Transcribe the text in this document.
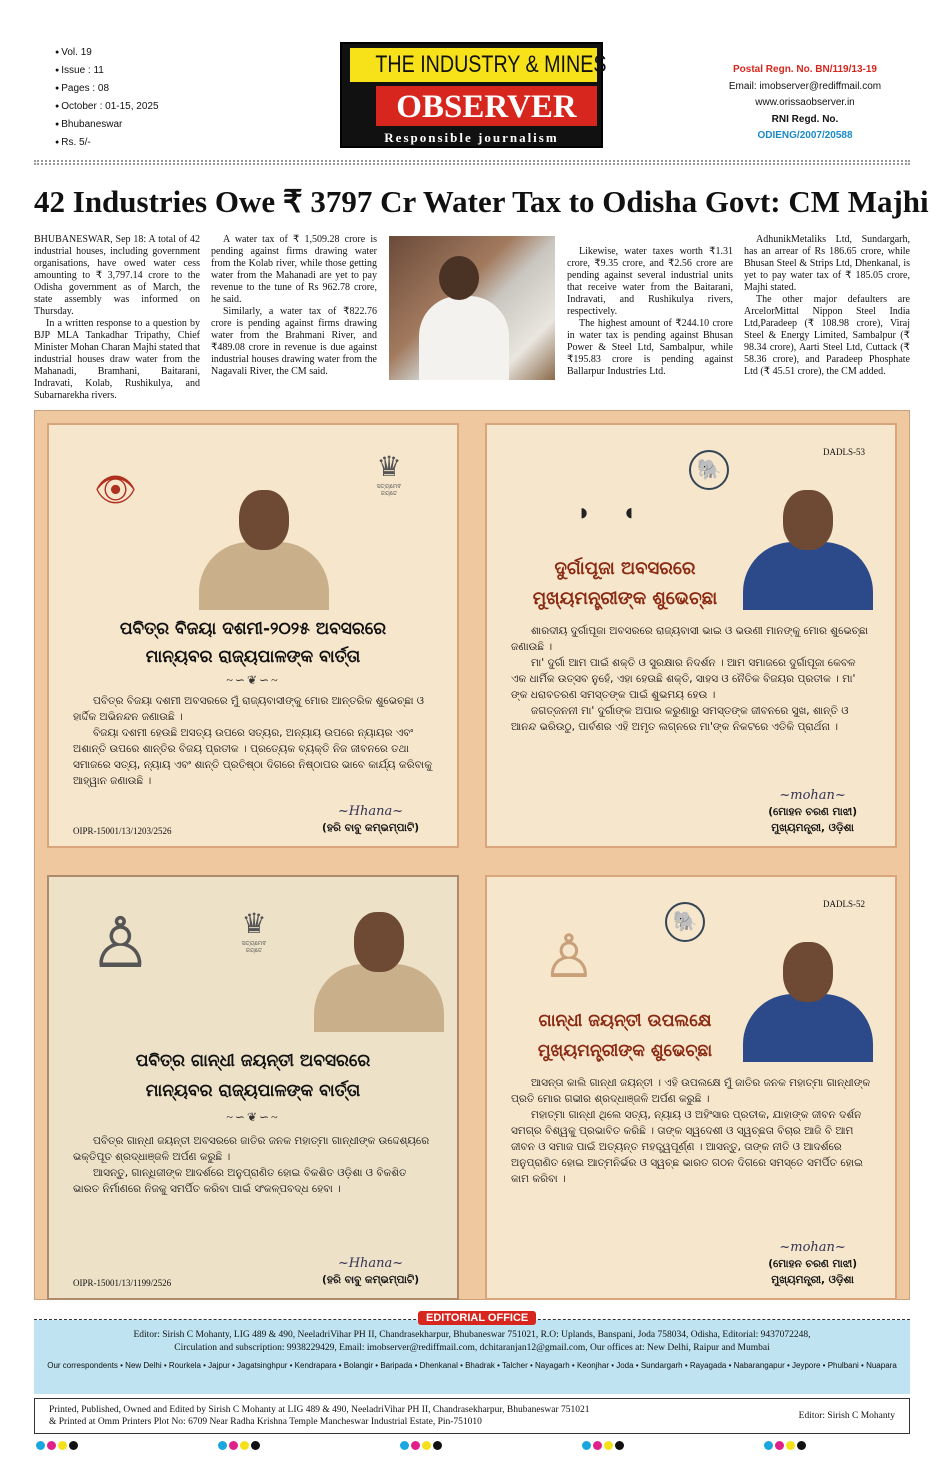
● Vol. 19
● Issue : 11
● Pages : 08
● October : 01-15, 2025
● Bhubaneswar
● Rs. 5/-
THE INDUSTRY & MINES
OBSERVER
Responsible journalism
Postal Regn. No. BN/119/13-19
Email: imobserver@rediffmail.com
www.orissaobserver.in
RNI Regd. No.
ODIENG/2007/20588
42 Industries Owe ₹ 3797 Cr Water Tax to Odisha Govt: CM Majhi

BHUBANESWAR, Sep 18: A total of 42 industrial houses, including government organisations, have owed water cess amounting to ₹ 3,797.14 crore to the Odisha government as of March, the state assembly was informed on Thursday.

In a written response to a question by BJP MLA Tankadhar Tripathy, Chief Minister Mohan Charan Majhi stated that industrial houses draw water from the Mahanadi, Bramhani, Baitarani, Indravati, Kolab, Rushikulya, and Subarnarekha rivers.

A water tax of ₹ 1,509.28 crore is pending against firms drawing water from the Kolab river, while those getting water from the Mahanadi are yet to pay revenue to the tune of Rs 962.78 crore, he said.

Similarly, a water tax of ₹822.76 crore is pending against firms drawing water from the Brahmani River, and ₹489.08 crore in revenue is due against industrial houses drawing water from the Nagavali River, the CM said.

Likewise, water taxes worth ₹1.31 crore, ₹9.35 crore, and ₹2.56 crore are pending against several industrial units that receive water from the Baitarani, Indravati, and Rushikulya rivers, respectively.

The highest amount of ₹244.10 crore in water tax is pending against Bhusan Power & Steel Ltd, Sambalpur, while ₹195.83 crore is pending against Ballarpur Industries Ltd.

AdhunikMetaliks Ltd, Sundargarh, has an arrear of Rs 186.65 crore, while Bhusan Steel & Strips Ltd, Dhenkanal, is yet to pay water tax of ₹ 185.05 crore, Majhi stated.

The other major defaulters are ArcelorMittal Nippon Steel India Ltd,Paradeep (₹ 108.98 crore), Viraj Steel & Energy Limited, Sambalpur (₹ 98.34 crore), Aarti Steel Ltd, Cuttack (₹ 58.36 crore), and Paradeep Phosphate Ltd (₹ 45.51 crore), the CM added.

👁
♛
ସତ୍ୟମେବ ଜୟତେ
ପବିତ୍ର ବିଜୟା ଦଶମୀ-୨୦୨୫ ଅବସରରେ
ମାନ୍ୟବର ରାଜ୍ୟପାଳଙ୍କ ବାର୍ତ୍ତା
~∽❦∽~

ପବିତ୍ର ବିଜୟା ଦଶମୀ ଅବସରରେ ମୁଁ ରାଜ୍ୟବାସୀଙ୍କୁ ମୋର ଆନ୍ତରିକ ଶୁଭେଚ୍ଛା ଓ ହାର୍ଦ୍ଦିକ ଅଭିନନ୍ଦନ ଜଣାଉଛି ।

ବିଜୟା ଦଶମୀ ହେଉଛି ଅସତ୍ୟ ଉପରେ ସତ୍ୟର, ଅନ୍ୟାୟ ଉପରେ ନ୍ୟାୟର ଏବଂ ଅଶାନ୍ତି ଉପରେ ଶାନ୍ତିର ବିଜୟ ପ୍ରତୀକ । ପ୍ରତ୍ୟେକ ବ୍ୟକ୍ତି ନିଜ ଜୀବନରେ ତଥା ସମାଜରେ ସତ୍ୟ, ନ୍ୟାୟ ଏବଂ ଶାନ୍ତି ପ୍ରତିଷ୍ଠା ଦିଗରେ ନିଷ୍ଠାପର ଭାବେ କାର୍ଯ୍ୟ କରିବାକୁ ଆହ୍ୱାନ ଜଣାଉଛି ।

OIPR-15001/13/1203/2526
~Hhana~
(ହରି ବାବୁ କମ୍ଭମ୍ପାଟି)
DADLS-53
🐘
◗◖
ଦୁର୍ଗାପୂଜା ଅବସରରେ
ମୁଖ୍ୟମନ୍ତ୍ରୀଙ୍କ ଶୁଭେଚ୍ଛା

ଶାରଦୀୟ ଦୁର୍ଗାପୂଜା ଅବସରରେ ରାଜ୍ୟବାସୀ ଭାଇ ଓ ଭଉଣୀ ମାନଙ୍କୁ ମୋର ଶୁଭେଚ୍ଛା ଜଣାଉଛି ।

ମା' ଦୁର୍ଗା ଆମ ପାଇଁ ଶକ୍ତି ଓ ସୁରକ୍ଷାର ନିଦର୍ଶନ । ଆମ ସମାଜରେ ଦୁର୍ଗାପୂଜା କେବଳ ଏକ ଧାର୍ମିକ ଉତ୍ସବ ନୁହେଁ, ଏହା ହେଉଛି ଶକ୍ତି, ସାହସ ଓ ନୈତିକ ବିଜୟର ପ୍ରତୀକ । ମା' ଙ୍କ ଧରାବତରଣ ସମସ୍ତଙ୍କ ପାଇଁ ଶୁଭମୟ ହେଉ ।

ଜଗତ୍‌ଜନନୀ ମା' ଦୁର୍ଗାଙ୍କ ଅପାର କରୁଣାରୁ ସମସ୍ତଙ୍କ ଜୀବନରେ ସୁଖ, ଶାନ୍ତି ଓ ଆନନ୍ଦ ଭରିଉଠୁ, ପାର୍ବଣର ଏହି ଅମୃତ ଲଗ୍ନରେ ମା'ଙ୍କ ନିକଟରେ ଏତିକି ପ୍ରାର୍ଥନା ।

~mohan~
(ମୋହନ ଚରଣ ମାଝୀ)
ମୁଖ୍ୟମନ୍ତ୍ରୀ, ଓଡ଼ିଶା
♙	♛
ସତ୍ୟମେବ ଜୟତେ
ପବିତ୍ର ଗାନ୍ଧୀ ଜୟନ୍ତୀ ଅବସରରେ
ମାନ୍ୟବର ରାଜ୍ୟପାଳଙ୍କ ବାର୍ତ୍ତା
~∽❦∽~

ପବିତ୍ର ଗାନ୍ଧୀ ଜୟନ୍ତୀ ଅବସରରେ ଜାତିର ଜନକ ମହାତ୍ମା ଗାନ୍ଧୀଙ୍କ ଉଦ୍ଦେଶ୍ୟରେ ଭକ୍ତିପୂତ ଶ୍ରଦ୍ଧାଞ୍ଜଳି ଅର୍ପଣ କରୁଛି ।

ଆସନ୍ତୁ, ଗାନ୍ଧିଜୀଙ୍କ ଆଦର୍ଶରେ ଅନୁପ୍ରାଣିତ ହୋଇ ବିକଶିତ ଓଡ଼ିଶା ଓ ବିକଶିତ ଭାରତ ନିର୍ମାଣରେ ନିଜକୁ ସମର୍ପିତ କରିବା ପାଇଁ ସଂକଳ୍ପବଦ୍ଧ ହେବା ।

OIPR-15001/13/1199/2526
~Hhana~
(ହରି ବାବୁ କମ୍ଭମ୍ପାଟି)
DADLS-52
🐘
♙
ଗାନ୍ଧୀ ଜୟନ୍ତୀ ଉପଲକ୍ଷେ
ମୁଖ୍ୟମନ୍ତ୍ରୀଙ୍କ ଶୁଭେଚ୍ଛା

ଆସନ୍ତା କାଲି ଗାନ୍ଧୀ ଜୟନ୍ତୀ । ଏହି ଉପଲକ୍ଷେ ମୁଁ ଜାତିର ଜନକ ମହାତ୍ମା ଗାନ୍ଧୀଙ୍କ ପ୍ରତି ମୋର ଗଭୀର ଶ୍ରଦ୍ଧାଞ୍ଜଳି ଅର୍ପଣ କରୁଛି ।

ମହାତ୍ମା ଗାନ୍ଧୀ ଥିଲେ ସତ୍ୟ, ନ୍ୟାୟ ଓ ଅହିଂସାର ପ୍ରତୀକ, ଯାହାଙ୍କ ଜୀବନ ଦର୍ଶନ ସମଗ୍ର ବିଶ୍ୱକୁ ପ୍ରଭାବିତ କରିଛି । ତାଙ୍କ ସ୍ୱଦେଶୀ ଓ ସ୍ୱଚ୍ଛତା ବିଚାର ଆଜି ବି ଆମ ଜୀବନ ଓ ସମାଜ ପାଇଁ ଅତ୍ୟନ୍ତ ମହତ୍ତ୍ୱପୂର୍ଣ୍ଣ । ଆସନ୍ତୁ, ତାଙ୍କ ନୀତି ଓ ଆଦର୍ଶରେ ଅନୁପ୍ରାଣିତ ହୋଇ ଆତ୍ମନିର୍ଭର ଓ ସ୍ୱଚ୍ଛ ଭାରତ ଗଠନ ଦିଗରେ ସମସ୍ତେ ସମର୍ପିତ ହୋଇ କାମ କରିବା ।

~mohan~
(ମୋହନ ଚରଣ ମାଝୀ)
ମୁଖ୍ୟମନ୍ତ୍ରୀ, ଓଡ଼ିଶା
Editor: Sirish C Mohanty, LIG 489 & 490, NeeladriVihar PH II, Chandrasekharpur, Bhubaneswar 751021, R.O: Uplands, Banspani, Joda 758034, Odisha, Editorial: 9437072248,
Circulation and subscription: 9938229429, Email: imobserver@rediffmail.com, dchitaranjan12@gmail.com, Our offices at: New Delhi, Raipur and Mumbai
Our correspondents • New Delhi • Rourkela • Jajpur • Jagatsinghpur • Kendrapara • Bolangir • Baripada • Dhenkanal • Bhadrak • Talcher • Nayagarh • Keonjhar • Joda • Sundargarh • Rayagada • Nabarangapur • Jeypore • Phulbani • Nuapara
EDITORIAL OFFICE
Printed, Published, Owned and Edited by Sirish C Mohanty at LIG 489 & 490, NeeladriVihar PH II, Chandrasekharpur, Bhubaneswar 751021
& Printed at Omm Printers Plot No: 6709 Near Radha Krishna Temple Mancheswar Industrial Estate, Pin-751010
Editor: Sirish C Mohanty
